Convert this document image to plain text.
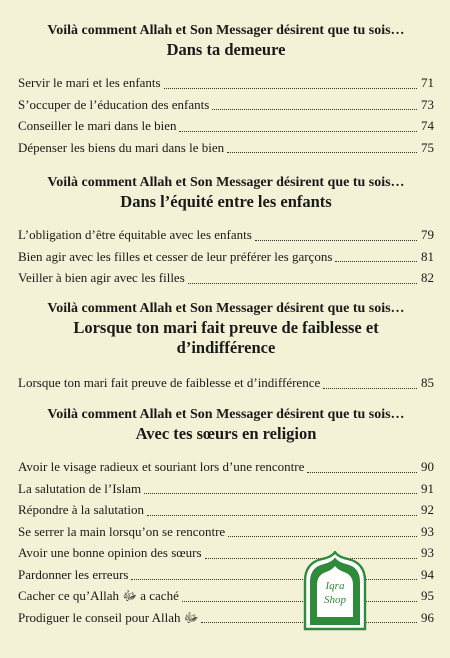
Voilà comment Allah et Son Messager désirent que tu sois…

Dans ta demeure

Servir le mari et les enfants	71
S’occuper de l’éducation des enfants	73
Conseiller le mari dans le bien	74
Dépenser les biens du mari dans le bien	75

Voilà comment Allah et Son Messager désirent que tu sois…

Dans l’équité entre les enfants

L’obligation d’être équitable avec les enfants	79
Bien agir avec les filles et cesser de leur préférer les garçons	81
Veiller à bien agir avec les filles	82

Voilà comment Allah et Son Messager désirent que tu sois…

Lorsque ton mari fait preuve de faiblesse et
d’indifférence

Lorsque ton mari fait preuve de faiblesse et d’indifférence	85

Voilà comment Allah et Son Messager désirent que tu sois…

Avec tes sœurs en religion

Avoir le visage radieux et souriant lors d’une rencontre	90
La salutation de l’Islam	91
Répondre à la salutation	92
Se serrer la main lorsqu’on se rencontre	93
Avoir une bonne opinion des sœurs	93
Pardonner les erreurs	94
Cacher ce qu’Allah ﷻ a caché	95
Prodiguer le conseil pour Allah ﷻ	96
Iqra
Shop
